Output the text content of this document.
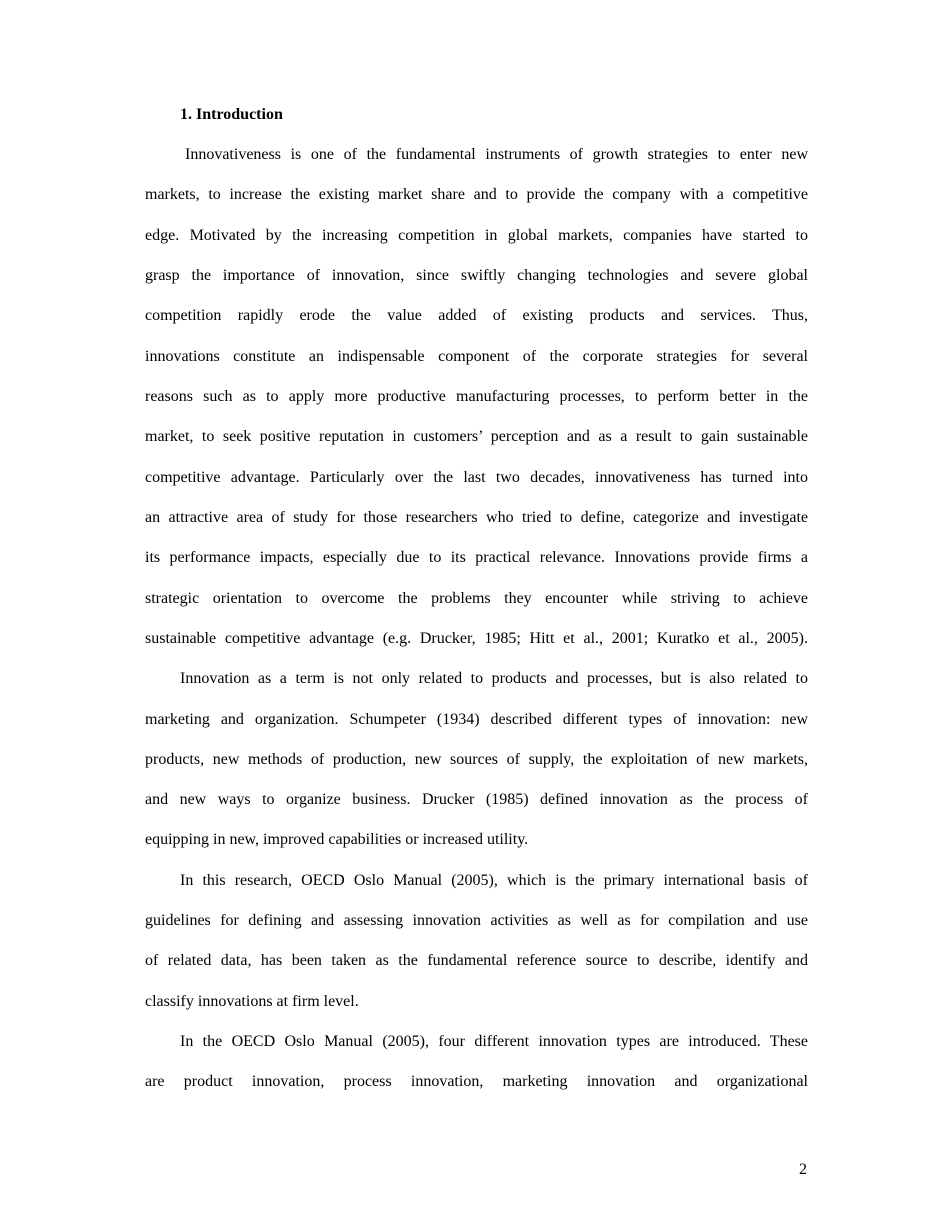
1. Introduction
Innovativeness is one of the fundamental instruments of growth strategies to enter new
markets, to increase the existing market share and to provide the company with a competitive
edge. Motivated by the increasing competition in global markets, companies have started to
grasp the importance of innovation, since swiftly changing technologies and severe global
competition rapidly erode the value added of existing products and services. Thus,
innovations constitute an indispensable component of the corporate strategies for several
reasons such as to apply more productive manufacturing processes, to perform better in the
market, to seek positive reputation in customers’ perception and as a result to gain sustainable
competitive advantage. Particularly over the last two decades, innovativeness has turned into
an attractive area of study for those researchers who tried to define, categorize and investigate
its performance impacts, especially due to its practical relevance. Innovations provide firms a
strategic orientation to overcome the problems they encounter while striving to achieve
sustainable competitive advantage (e.g. Drucker, 1985; Hitt et al., 2001; Kuratko et al., 2005).
Innovation as a term is not only related to products and processes, but is also related to
marketing and organization. Schumpeter (1934) described different types of innovation: new
products, new methods of production, new sources of supply, the exploitation of new markets,
and new ways to organize business. Drucker (1985) defined innovation as the process of
equipping in new, improved capabilities or increased utility.
In this research, OECD Oslo Manual (2005), which is the primary international basis of
guidelines for defining and assessing innovation activities as well as for compilation and use
of related data, has been taken as the fundamental reference source to describe, identify and
classify innovations at firm level.
In the OECD Oslo Manual (2005), four different innovation types are introduced. These
are product innovation, process innovation, marketing innovation and organizational
2
